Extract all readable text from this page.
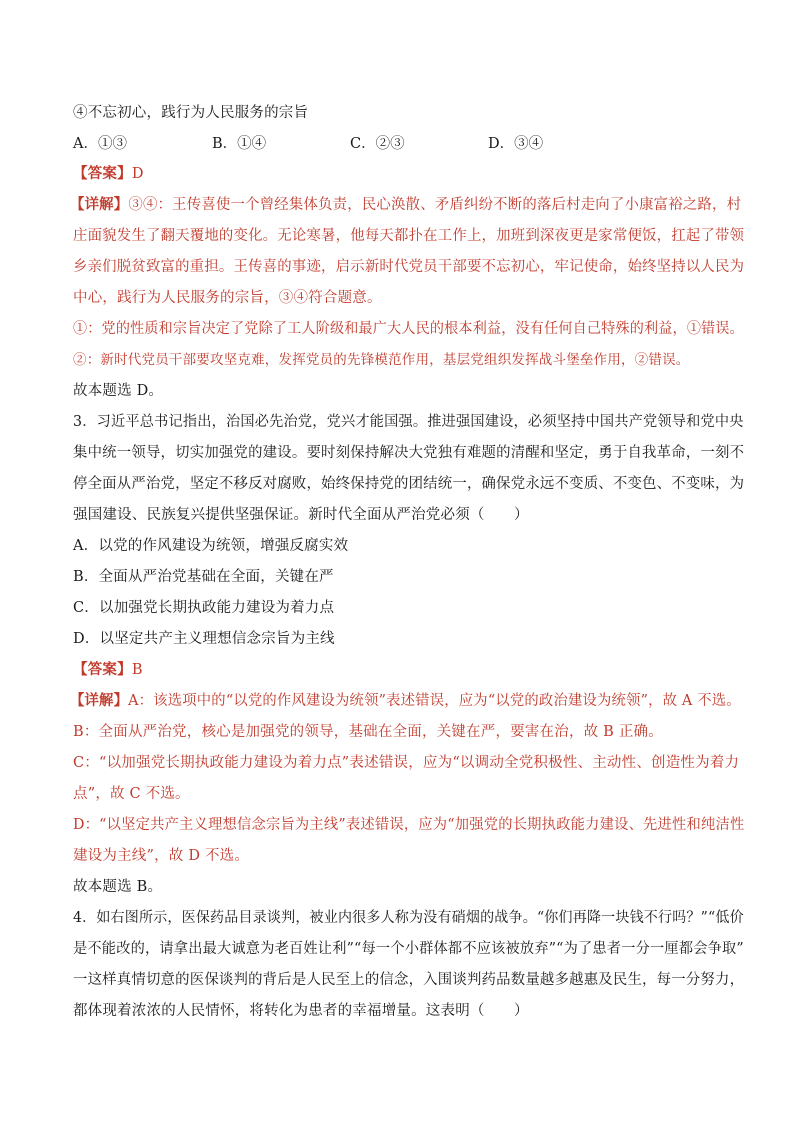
④不忘初心，践行为人民服务的宗旨
A．①③	B．①④	C．②③	D．③④
【答案】D
【详解】③④：王传喜使一个曾经集体负责，民心涣散、矛盾纠纷不断的落后村走向了小康富裕之路，村
庄面貌发生了翻天覆地的变化。无论寒暑，他每天都扑在工作上，加班到深夜更是家常便饭，扛起了带领
乡亲们脱贫致富的重担。王传喜的事迹，启示新时代党员干部要不忘初心，牢记使命，始终坚持以人民为
中心，践行为人民服务的宗旨，③④符合题意。
①：党的性质和宗旨决定了党除了工人阶级和最广大人民的根本利益，没有任何自己特殊的利益，①错误。
②：新时代党员干部要攻坚克难，发挥党员的先锋模范作用，基层党组织发挥战斗堡垒作用，②错误。
故本题选 D。
3．习近平总书记指出，治国必先治党，党兴才能国强。推进强国建设，必须坚持中国共产党领导和党中央
集中统一领导，切实加强党的建设。要时刻保持解决大党独有难题的清醒和坚定，勇于自我革命，一刻不
停全面从严治党，坚定不移反对腐败，始终保持党的团结统一，确保党永远不变质、不变色、不变味，为
强国建设、民族复兴提供坚强保证。新时代全面从严治党必须（　　）
A．以党的作风建设为统领，增强反腐实效
B．全面从严治党基础在全面，关键在严
C．以加强党长期执政能力建设为着力点
D．以坚定共产主义理想信念宗旨为主线
【答案】B
【详解】A：该选项中的“以党的作风建设为统领”表述错误，应为“以党的政治建设为统领”，故 A 不选。
B：全面从严治党，核心是加强党的领导，基础在全面，关键在严，要害在治，故 B 正确。
C：“以加强党长期执政能力建设为着力点”表述错误，应为“以调动全党积极性、主动性、创造性为着力
点”，故 C 不选。
D：“以坚定共产主义理想信念宗旨为主线”表述错误，应为“加强党的长期执政能力建设、先进性和纯洁性
建设为主线”，故 D 不选。
故本题选 B。
4．如右图所示，医保药品目录谈判，被业内很多人称为没有硝烟的战争。“你们再降一块钱不行吗？”“低价
是不能改的，请拿出最大诚意为老百姓让利”“每一个小群体都不应该被放弃”“为了患者一分一厘都会争取”
一这样真情切意的医保谈判的背后是人民至上的信念，入围谈判药品数量越多越惠及民生，每一分努力，
都体现着浓浓的人民情怀，将转化为患者的幸福增量。这表明（　　）
